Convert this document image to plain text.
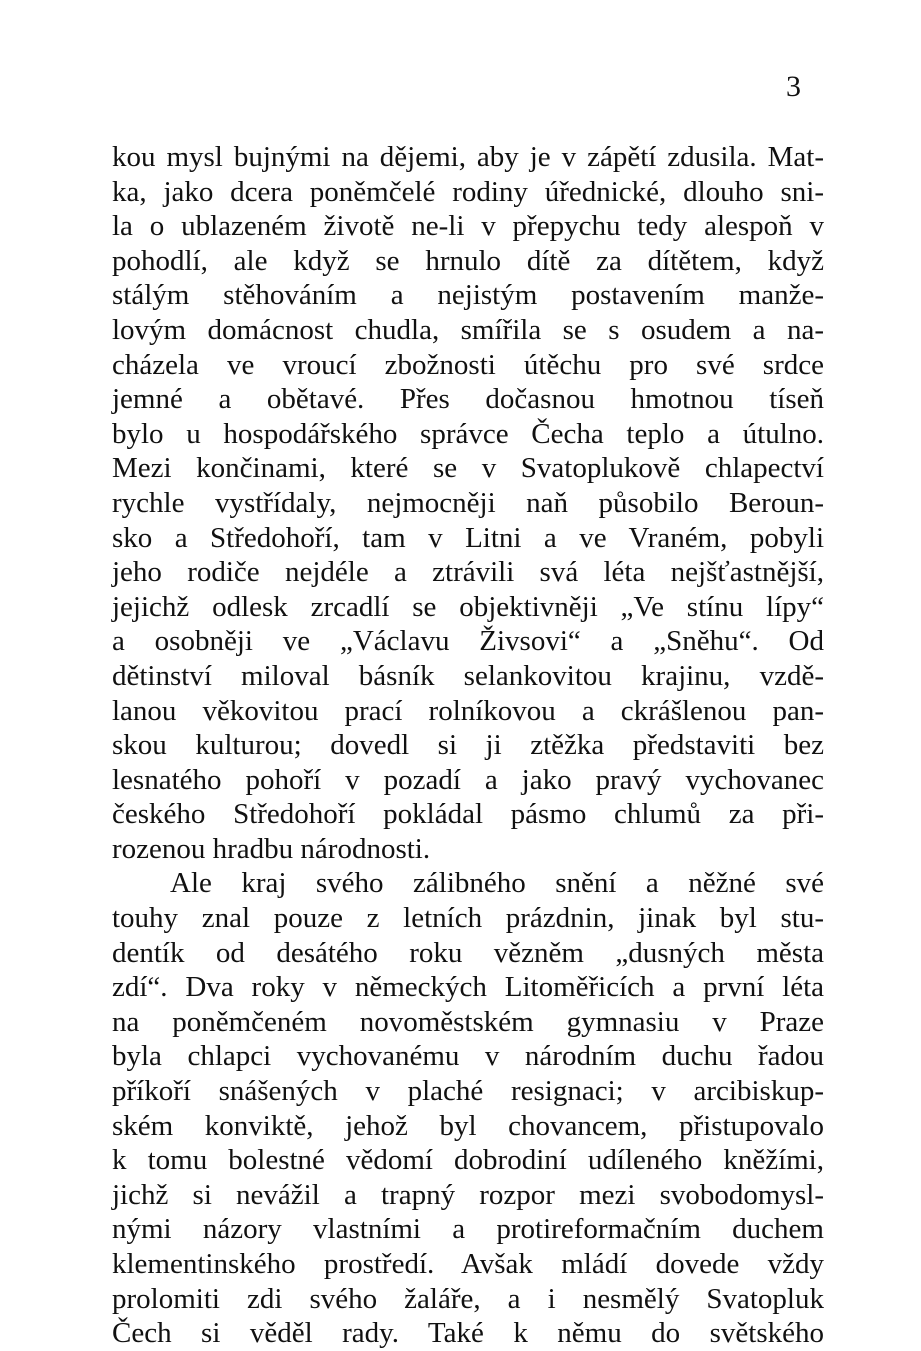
3
kou mysl bujnými na dějemi, aby je v zápětí zdusila. Mat-
ka, jako dcera poněmčelé rodiny úřednické, dlouho sni-
la o ublazeném životě ne-li v přepychu tedy alespoň v
pohodlí, ale když se hrnulo dítě za dítětem, když
stálým stěhováním a nejistým postavením manže-
lovým domácnost chudla, smířila se s osudem a na-
cházela ve vroucí zbožnosti útěchu pro své srdce
jemné a obětavé. Přes dočasnou hmotnou tíseň
bylo u hospodářského správce Čecha teplo a útulno.
Mezi končinami, které se v Svatoplukově chlapectví
rychle vystřídaly, nejmocněji naň působilo Beroun-
sko a Středohoří, tam v Litni a ve Vraném, pobyli
jeho rodiče nejdéle a ztrávili svá léta nejšťastnější,
jejichž odlesk zrcadlí se objektivněji „Ve stínu lípy“
a osobněji ve „Václavu Živsovi“ a „Sněhu“. Od
dětinství miloval básník selankovitou krajinu, vzdě-
lanou věkovitou prací rolníkovou a ckrášlenou pan-
skou kulturou; dovedl si ji ztěžka představiti bez
lesnatého pohoří v pozadí a jako pravý vychovanec
českého Středohoří pokládal pásmo chlumů za při-
rozenou hradbu národnosti.
Ale kraj svého zálibného snění a něžné své
touhy znal pouze z letních prázdnin, jinak byl stu-
dentík od desátého roku vězněm „dusných města
zdí“. Dva roky v německých Litoměřicích a první léta
na poněmčeném novoměstském gymnasiu v Praze
byla chlapci vychovanému v národním duchu řadou
příkoří snášených v plaché resignaci; v arcibiskup-
ském konviktě, jehož byl chovancem, přistupovalo
k tomu bolestné vědomí dobrodiní udíleného kněžími,
jichž si nevážil a trapný rozpor mezi svobodomysl-
nými názory vlastními a protireformačním duchem
klementinského prostředí. Avšak mládí dovede vždy
prolomiti zdi svého žaláře, a i nesmělý Svatopluk
Čech si věděl rady. Také k němu do světského
